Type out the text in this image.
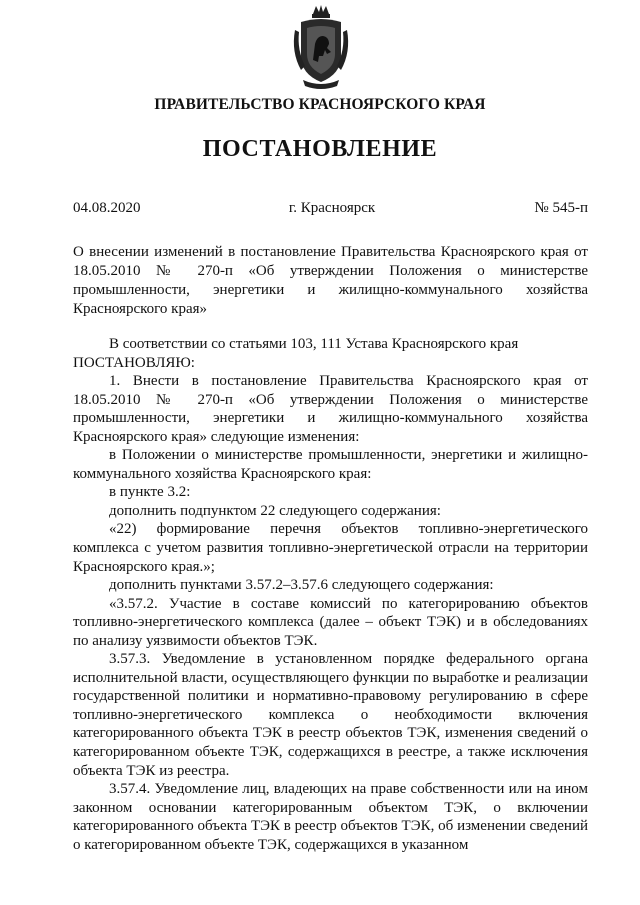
ПРАВИТЕЛЬСТВО КРАСНОЯРСКОГО КРАЯ
ПОСТАНОВЛЕНИЕ
04.08.2020	г. Красноярск	№ 545-п
О внесении изменений в постановление Правительства Красноярского края от 18.05.2010 № 270-п «Об утверждении Положения о министерстве промышленности, энергетики и жилищно-коммунального хозяйства Красноярского края»

В соответствии со статьями 103, 111 Устава Красноярского края

ПОСТАНОВЛЯЮ:

1. Внести в постановление Правительства Красноярского края от 18.05.2010 № 270-п «Об утверждении Положения о министерстве промышленности, энергетики и жилищно-коммунального хозяйства Красноярского края» следующие изменения:

в Положении о министерстве промышленности, энергетики и жилищно-коммунального хозяйства Красноярского края:

в пункте 3.2:

дополнить подпунктом 22 следующего содержания:

«22) формирование перечня объектов топливно-энергетического комплекса с учетом развития топливно-энергетической отрасли на территории Красноярского края.»;

дополнить пунктами 3.57.2–3.57.6 следующего содержания:

«3.57.2. Участие в составе комиссий по категорированию объектов топливно-энергетического комплекса (далее – объект ТЭК) и в обследованиях по анализу уязвимости объектов ТЭК.

3.57.3. Уведомление в установленном порядке федерального органа исполнительной власти, осуществляющего функции по выработке и реализации государственной политики и нормативно-правовому регулированию в сфере топливно-энергетического комплекса о необходимости включения категорированного объекта ТЭК в реестр объектов ТЭК, изменения сведений о категорированном объекте ТЭК, содержащихся в реестре, а также исключения объекта ТЭК из реестра.

3.57.4. Уведомление лиц, владеющих на праве собственности или на ином законном основании категорированным объектом ТЭК, о включении категорированного объекта ТЭК в реестр объектов ТЭК, об изменении сведений о категорированном объекте ТЭК, содержащихся в указанном
